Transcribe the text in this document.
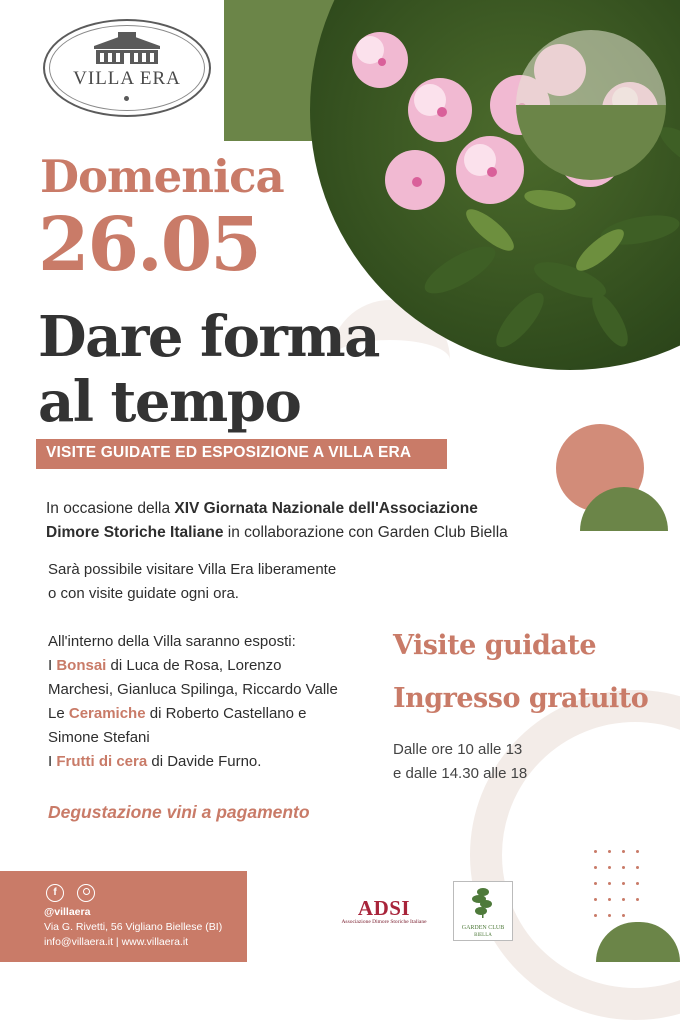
VILLA ERA
Domenica
26.05
Dare forma
al tempo
VISITE GUIDATE ED ESPOSIZIONE A VILLA ERA
In occasione della XIV Giornata Nazionale dell'Associazione
Dimore Storiche Italiane in collaborazione con Garden Club Biella
Sarà possibile visitare Villa Era liberamente
o con visite guidate ogni ora.
All'interno della Villa saranno esposti:
I Bonsai di Luca de Rosa, Lorenzo
Marchesi, Gianluca Spilinga, Riccardo Valle
Le Ceramiche di Roberto Castellano e
Simone Stefani
I Frutti di cera di Davide Furno.
Degustazione vini a pagamento
Visite guidate
Ingresso gratuito
Dalle ore 10 alle 13
e dalle 14.30 alle 18
f
@villaera
Via G. Rivetti, 56 Vigliano Biellese (BI)
info@villaera.it | www.villaera.it
ADSI
Associazione Dimore Storiche Italiane
GARDEN CLUB
BIELLA
